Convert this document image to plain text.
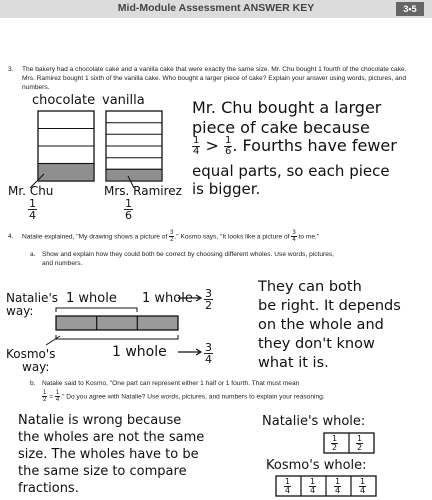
Mid-Module Assessment ANSWER KEY	3•5
3. The bakery had a chocolate cake and a vanilla cake that were exactly the same size. Mr. Chu bought 1 fourth of the chocolate cake. Mrs. Ramirez bought 1 sixth of the vanilla cake. Who bought a larger piece of cake? Explain your answer using words, pictures, and numbers.
chocolate vanilla
Mr. Chu
$\frac{1}{4}$
Mrs. Ramirez
$\frac{1}{6}$
Mr. Chu bought a larger
piece of cake because
$\frac{1}{4} > \frac{1}{6}$ . Fourths have fewer
equal parts, so each piece
is bigger.
4. Natalie explained, "My drawing shows a picture of $\frac{3}{2}$ ." Kosmo says, "It looks like a picture of $\frac{3}{4}$ to me."
a. Show and explain how they could both be correct by choosing different wholes. Use words, pictures, and numbers.
Natalie's
way:
1 whole 1 whole $\frac{3}{2}$
Kosmo's
way:
1 whole	$\frac{3}{4}$
They can both
be right. It depends
on the whole and
they don't know
what it is.
b. Natalie said to Kosmo, "One part can represent either 1 half or 1 fourth. That must mean
$\frac{1}{2} = \frac{1}{4}$ ." Do you agree with Natalie? Use words, pictures, and numbers to explain your reasoning.
Natalie is wrong because
the wholes are not the same
size. The wholes have to be
the same size to compare
fractions.
Natalie's whole:
$\frac{1}{2} \frac{1}{2}$
Kosmo's whole:
$\frac{1}{4} \frac{1}{4} \frac{1}{4} \frac{1}{4}$
